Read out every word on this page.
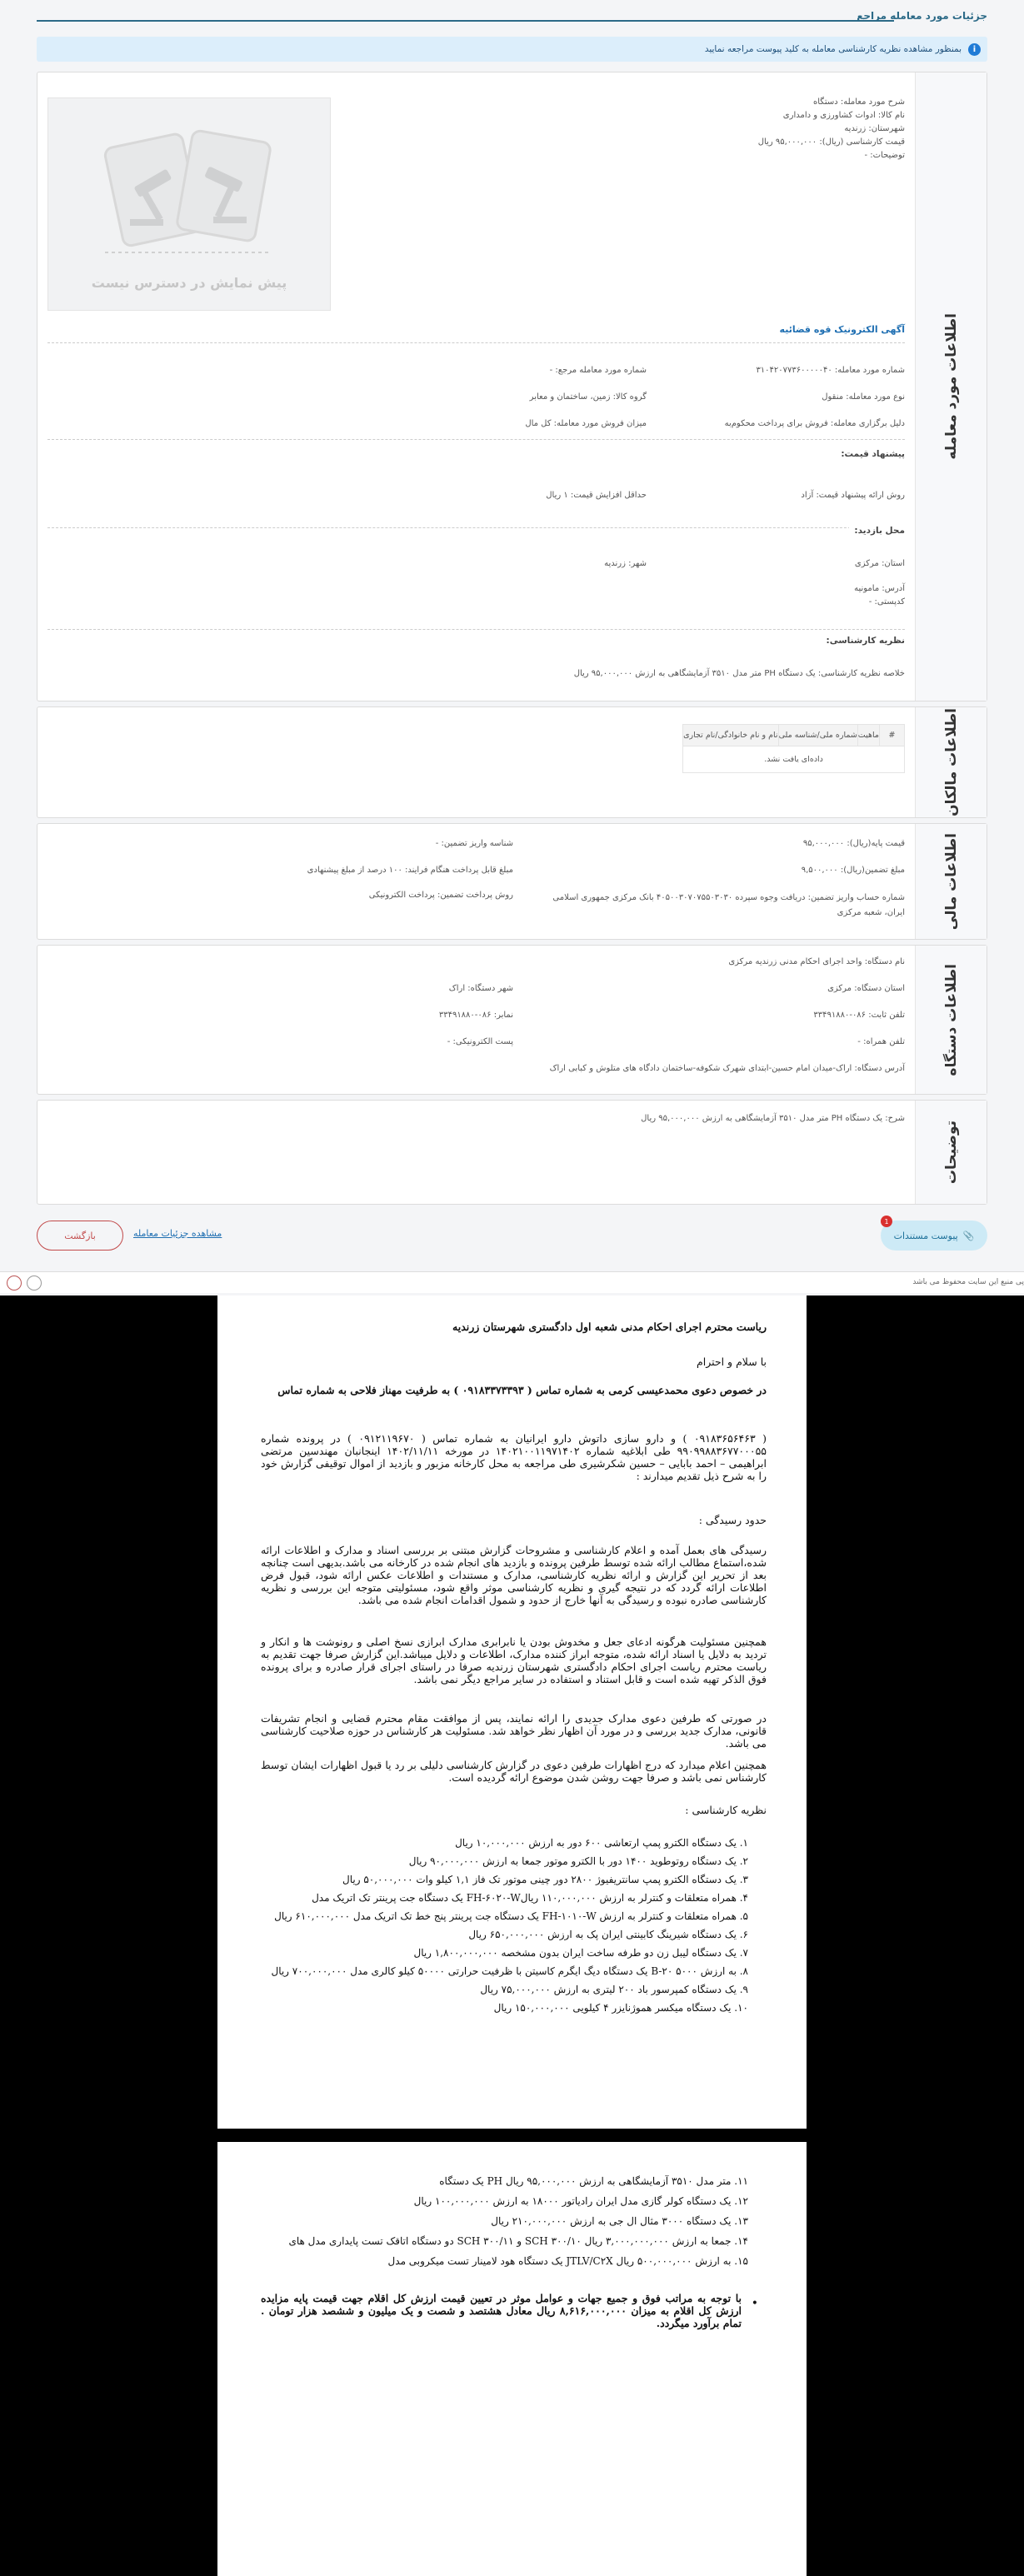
جزئیات مورد معامله مراجع
i
بمنظور مشاهده نظریه کارشناسی معامله به کلید پیوست مراجعه نمایید
اطلاعات مورد معامله
شرح مورد معامله: دستگاه
نام کالا: ادوات کشاورزی و دامداری
شهرستان: زرندیه
قیمت کارشناسی (ریال): ۹۵,۰۰۰,۰۰۰ ریال
توضیحات: -
پیش نمایش در دسترس نیست
آگهی الکترونیک قوه قضائیه
شماره مورد معامله: ۳۱۰۴۲۰۷۷۳۶۰۰۰۰۰۴۰
شماره مورد معامله مرجع: -
نوع مورد معامله: منقول
گروه کالا: زمین، ساختمان و معابر
دلیل برگزاری معامله: فروش برای پرداخت محکوم‌به
میزان فروش مورد معامله: کل مال
پیشنهاد قیمت:
روش ارائه پیشنهاد قیمت: آزاد
حداقل افزایش قیمت: ۱ ریال
محل بازدید:
استان: مرکزی
شهر: زرندیه
آدرس: مامونیه
کدپستی: -
نظریه کارشناسی:
خلاصه نظریه کارشناسی: یک دستگاه PH متر مدل ۳۵۱۰ آزمایشگاهی به ارزش ۹۵,۰۰۰,۰۰۰ ریال
اطلاعات مالکان
#	ماهیت	شماره ملی/شناسه ملی	نام و نام خانوادگی/نام تجاری
داده‌ای یافت نشد.
اطلاعات مالی
قیمت پایه(ریال): ۹۵,۰۰۰,۰۰۰
شناسه واریز تضمین: -
مبلغ تضمین(ریال): ۹,۵۰۰,۰۰۰
مبلغ قابل پرداخت هنگام فرایند: ۱۰۰ درصد از مبلغ پیشنهادی
شماره حساب واریز تضمین: دریافت وجوه سپرده ۴۰۵۰۰۳۰۷۰۷۵۵۰۳۰۳۰ بانک مرکزی جمهوری اسلامی ایران، شعبه مرکزی
روش پرداخت تضمین: پرداخت الکترونیکی
اطلاعات دستگاه
نام دستگاه: واحد اجرای احکام مدنی زرندیه مرکزی
استان دستگاه: مرکزی
شهر دستگاه: اراک
تلفن ثابت: ۰۸۶-۳۳۴۹۱۸۸۰
نمابر: ۰۸۶-۳۳۴۹۱۸۸۰
تلفن همراه: -
پست الکترونیکی: -
آدرس دستگاه: اراک-میدان امام حسین-ابتدای شهرک شکوفه-ساختمان دادگاه های متلوش و کبابی اراک
توضیحات
شرح: یک دستگاه PH متر مدل ۳۵۱۰ آزمایشگاهی به ارزش ۹۵,۰۰۰,۰۰۰ ریال
بازگشت	مشاهده جزئیات معامله	📎
پیوست مستندات
1
پی منبع این سایت محفوظ می باشد

ریاست محترم اجرای احکام مدنی شعبه اول دادگستری شهرستان زرندیه

با سلام و احترام

در خصوص دعوی محمدعیسی کرمی به شماره تماس ( ۰۹۱۸۳۳۷۳۳۹۳ ) به طرفیت مهناز فلاحی به شماره تماس

( ۰۹۱۸۳۶۵۶۴۶۳ ) و دارو سازی داتوش دارو ایرانیان به شماره تماس ( ۰۹۱۲۱۱۹۶۷۰ ) در پرونده شماره ۹۹۰۹۹۸۸۳۶۷۷۰۰۰۵۵ طی ابلاغیه شماره ۱۴۰۲۱۰۰۱۱۹۷۱۴۰۲ در مورخه ۱۴۰۲/۱۱/۱۱ اینجانبان مهندسین مرتضی ابراهیمی – احمد بابایی – حسین شکرشیری طی مراجعه به محل کارخانه مزبور و بازدید از اموال توقیفی گزارش خود را به شرح ذیل تقدیم میدارند :

حدود رسیدگی :

رسیدگی های بعمل آمده و اعلام کارشناسی و مشروحات گزارش مبتنی بر بررسی اسناد و مدارک و اطلاعات ارائه شده،استماع مطالب ارائه شده توسط طرفین پرونده و بازدید های انجام شده در کارخانه می باشد.بدیهی است چنانچه بعد از تحریر این گزارش و ارائه نظریه کارشناسی، مدارک و مستندات و اطلاعات عکس ارائه شود، قبول فرض اطلاعات ارائه گردد که در نتیجه گیری و نظریه کارشناسی موثر واقع شود، مسئولیتی متوجه این بررسی و نظریه کارشناسی صادره نبوده و رسیدگی به آنها خارج از حدود و شمول اقدامات انجام شده می باشد.

همچنین مسئولیت هرگونه ادعای جعل و مخدوش بودن یا نابرابری مدارک ابرازی نسخ اصلی و رونوشت ها و انکار و تردید به دلایل یا اسناد ارائه شده، متوجه ابراز کننده مدارک، اطلاعات و دلایل میباشد.این گزارش صرفا جهت تقدیم به ریاست محترم ریاست اجرای احکام دادگستری شهرستان زرندیه صرفا در راستای اجرای قرار صادره و برای پرونده فوق الذکر تهیه شده است و قابل استناد و استفاده در سایر مراجع دیگر نمی باشد.

در صورتی که طرفین دعوی مدارک جدیدی را ارائه نمایند، پس از موافقت مقام محترم قضایی و انجام تشریفات قانونی، مدارک جدید بررسی و در مورد آن اظهار نظر خواهد شد. مسئولیت هر کارشناس در حوزه صلاحیت کارشناسی می باشد.

همچنین اعلام میدارد که درج اظهارات طرفین دعوی در گزارش کارشناسی دلیلی بر رد یا قبول اظهارات ایشان توسط کارشناس نمی باشد و صرفا جهت روشن شدن موضوع ارائه گردیده است.

نظریه کارشناسی :

۱. یک دستگاه الکترو پمپ ارتعاشی ۶۰۰ دور به ارزش ۱۰,۰۰۰,۰۰۰ ریال
۲. یک دستگاه روتوطوید ۱۴۰۰ دور با الکترو موتور جمعا به ارزش ۹۰,۰۰۰,۰۰۰ ریال
۳. یک دستگاه الکترو پمپ سانتریفیوژ ۲۸۰۰ دور چینی موتور تک فاز ۱,۱ کیلو وات ۵۰,۰۰۰,۰۰۰ ریال
۴. همراه متعلقات و کنترلر به ارزش ۱۱۰,۰۰۰,۰۰۰ ریالFH-۶۰۲۰-W یک دستگاه جت پرینتر تک اتریک مدل
۵. همراه متعلقات و کنترلر به ارزش FH-۱۰۱۰-W یک دستگاه جت پرینتر پنج خط تک اتریک مدل ۶۱۰,۰۰۰,۰۰۰ ریال
۶. یک دستگاه شیرینگ کابینتی ایران پک به ارزش ۶۵۰,۰۰۰,۰۰۰ ریال
۷. یک دستگاه لیبل زن دو طرفه ساخت ایران بدون مشخصه ۱,۸۰۰,۰۰۰,۰۰۰ ریال
۸. به ارزش ۵۰۰۰ B-۲۰ یک دستگاه دیگ ایگرم کاسیتن با ظرفیت حرارتی ۵۰۰۰۰ کیلو کالری مدل ۷۰۰,۰۰۰,۰۰۰ ریال
۹. یک دستگاه کمپرسور باد ۲۰۰ لیتری به ارزش ۷۵,۰۰۰,۰۰۰ ریال
۱۰. یک دستگاه میکسر هموژنایزر ۴ کیلویی ۱۵۰,۰۰۰,۰۰۰ ریال
۱۱. متر مدل ۳۵۱۰ آزمایشگاهی به ارزش ۹۵,۰۰۰,۰۰۰ ریال PH یک دستگاه
۱۲. یک دستگاه کولر گازی مدل ایران رادیاتور ۱۸۰۰۰ به ارزش ۱۰۰,۰۰۰,۰۰۰ ریال
۱۳. یک دستگاه ۳۰۰۰ مثال ال جی به ارزش ۲۱۰,۰۰۰,۰۰۰ ریال
۱۴. جمعا به ارزش ۳,۰۰۰,۰۰۰,۰۰۰ ریال SCH ۳۰۰/۱۰ و SCH ۳۰۰/۱۱ دو دستگاه اتاقک تست پایداری مدل های
۱۵. به ارزش ۵۰۰,۰۰۰,۰۰۰ ریال JTLV/C۲X یک دستگاه هود لامینار تست میکروبی مدل

با توجه به مراتب فوق و جمیع جهات و عوامل موثر در تعیین قیمت ارزش کل اقلام جهت قیمت پایه مزایده ارزش کل اقلام به میزان ۸,۶۱۶,۰۰۰,۰۰۰ ریال معادل هشتصد و شصت و یک میلیون و ششصد هزار تومان . تمام برآورد میگردد.

•
